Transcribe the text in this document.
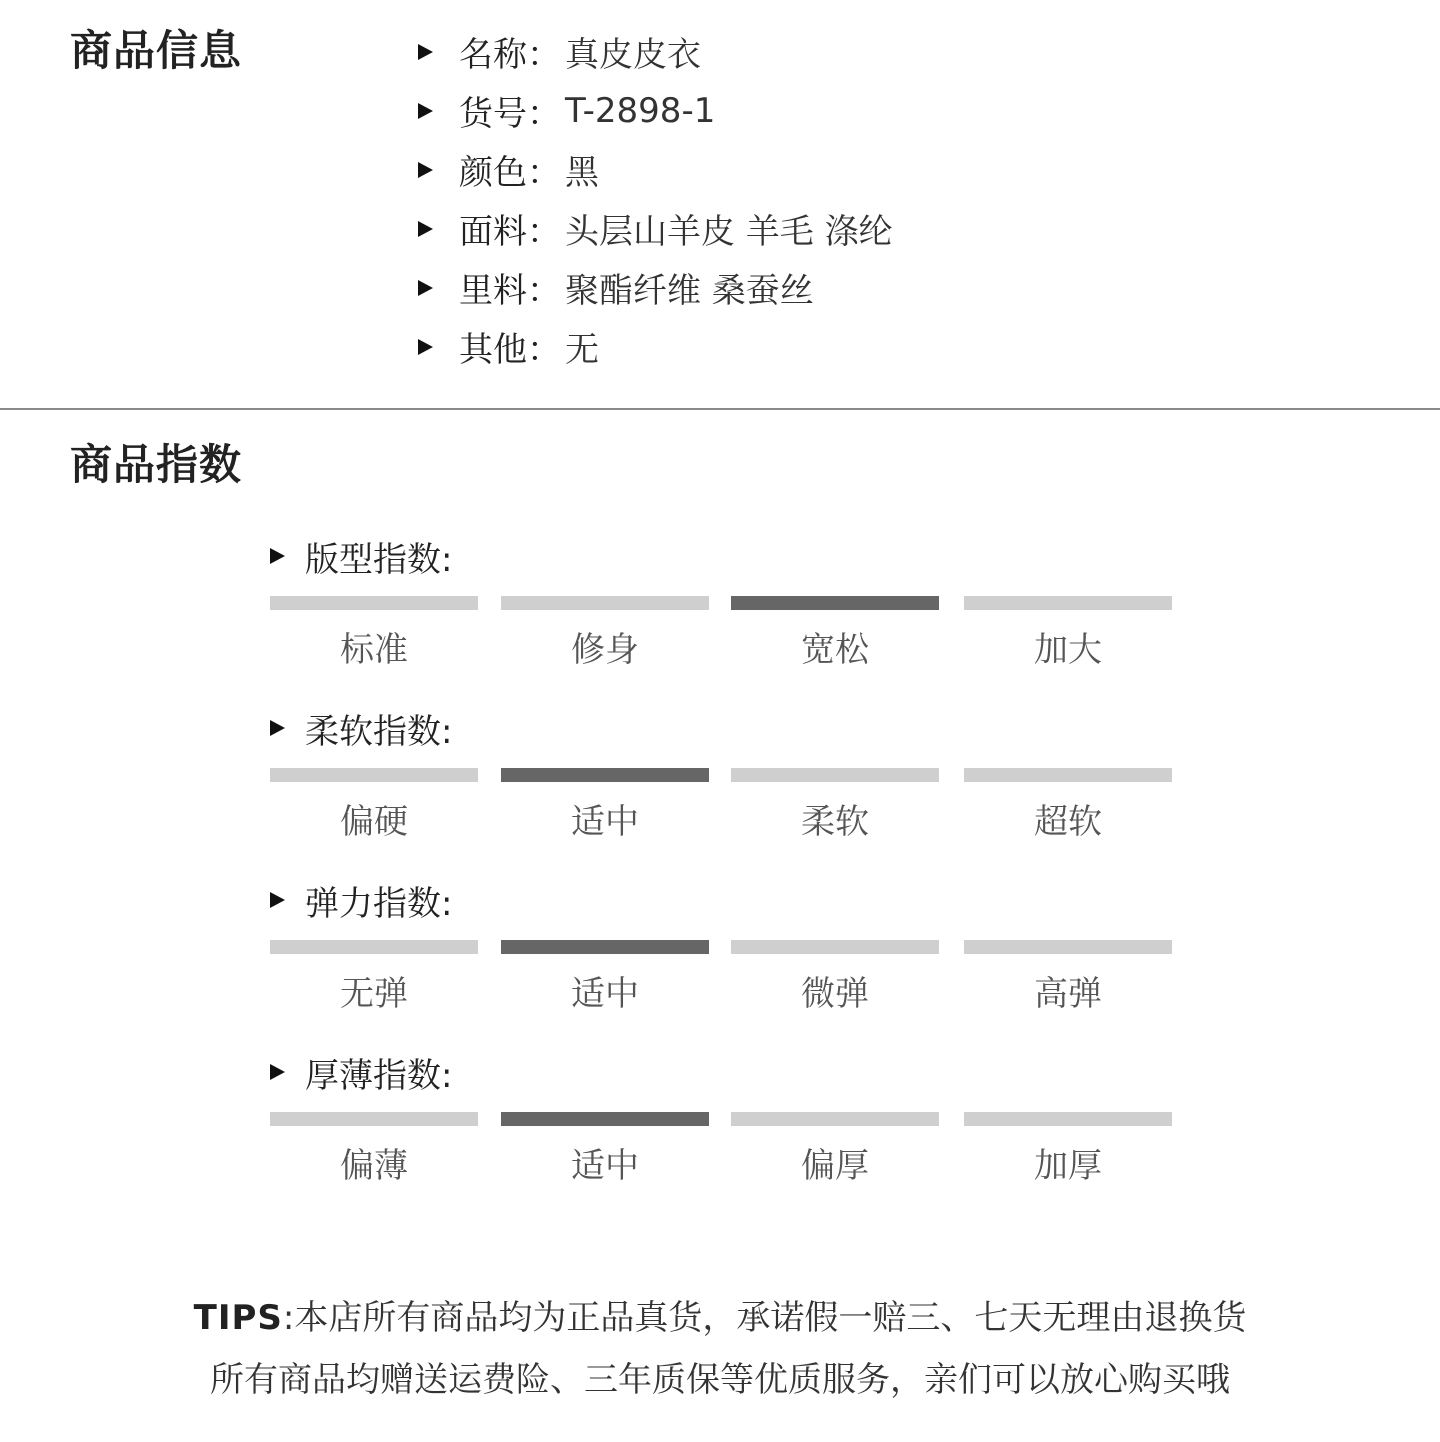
商品信息	名称 ： 真皮皮衣
货号 ： T-2898-1
颜色 ： 黑
面料 ： 头层山羊皮 羊毛 涤纶
里料 ： 聚酯纤维 桑蚕丝
其他 ： 无
商品指数
版型指数:
标准	修身	宽松	加大
柔软指数:
偏硬	适中	柔软	超软
弹力指数:
无弹	适中	微弹	高弹
厚薄指数:
偏薄	适中	偏厚	加厚
TIPS:本店所有商品均为正品真货，承诺假一赔三、七天无理由退换货
所有商品均赠送运费险、三年质保等优质服务，亲们可以放心购买哦
